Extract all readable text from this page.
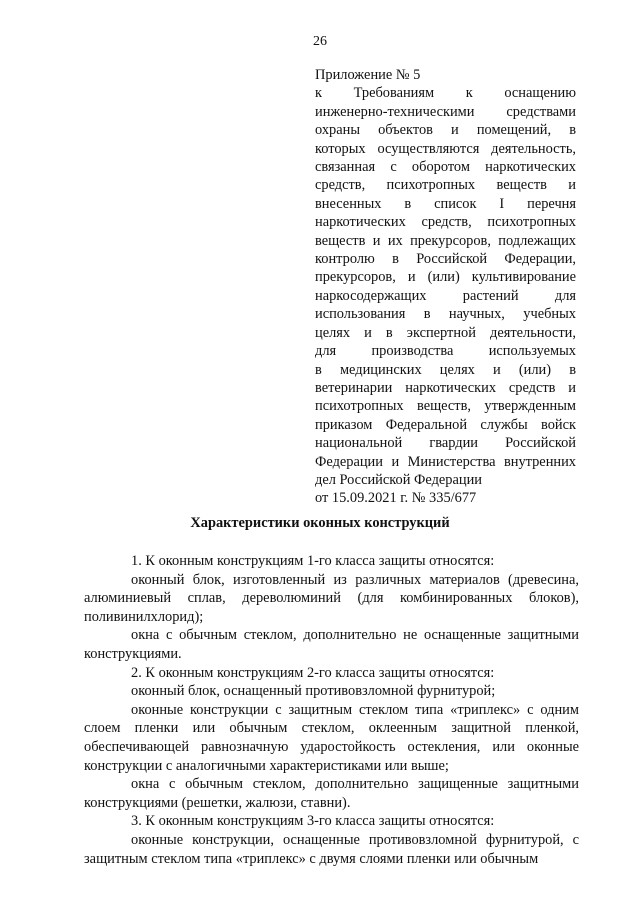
26
Приложение № 5
к Требованиям к оснащению
инженерно-техническими средствами
охраны объектов и помещений, в
которых осуществляются деятельность,
связанная с оборотом наркотических
средств, психотропных веществ и
внесенных в список I перечня
наркотических средств, психотропных
веществ и их прекурсоров, подлежащих
контролю в Российской Федерации,
прекурсоров, и (или) культивирование
наркосодержащих растений для
использования в научных, учебных
целях и в экспертной деятельности,
для производства используемых
в медицинских целях и (или) в
ветеринарии наркотических средств и
психотропных веществ, утвержденным
приказом Федеральной службы войск
национальной гвардии Российской
Федерации и Министерства внутренних
дел Российской Федерации
от 15.09.2021 г. № 335/677
Характеристики оконных конструкций

1. К оконным конструкциям 1-го класса защиты относятся:

оконный блок, изготовленный из различных материалов (древесина, алюминиевый сплав, дереволюминий (для комбинированных блоков), поливинилхлорид);

окна с обычным стеклом, дополнительно не оснащенные защитными конструкциями.

2. К оконным конструкциям 2-го класса защиты относятся:

оконный блок, оснащенный противовзломной фурнитурой;

оконные конструкции с защитным стеклом типа «триплекс» с одним слоем пленки или обычным стеклом, оклеенным защитной пленкой, обеспечивающей равнозначную ударостойкость остекления, или оконные конструкции с аналогичными характеристиками или выше;

окна с обычным стеклом, дополнительно защищенные защитными конструкциями (решетки, жалюзи, ставни).

3. К оконным конструкциям 3-го класса защиты относятся:

оконные конструкции, оснащенные противовзломной фурнитурой, с защитным стеклом типа «триплекс» с двумя слоями пленки или обычным
